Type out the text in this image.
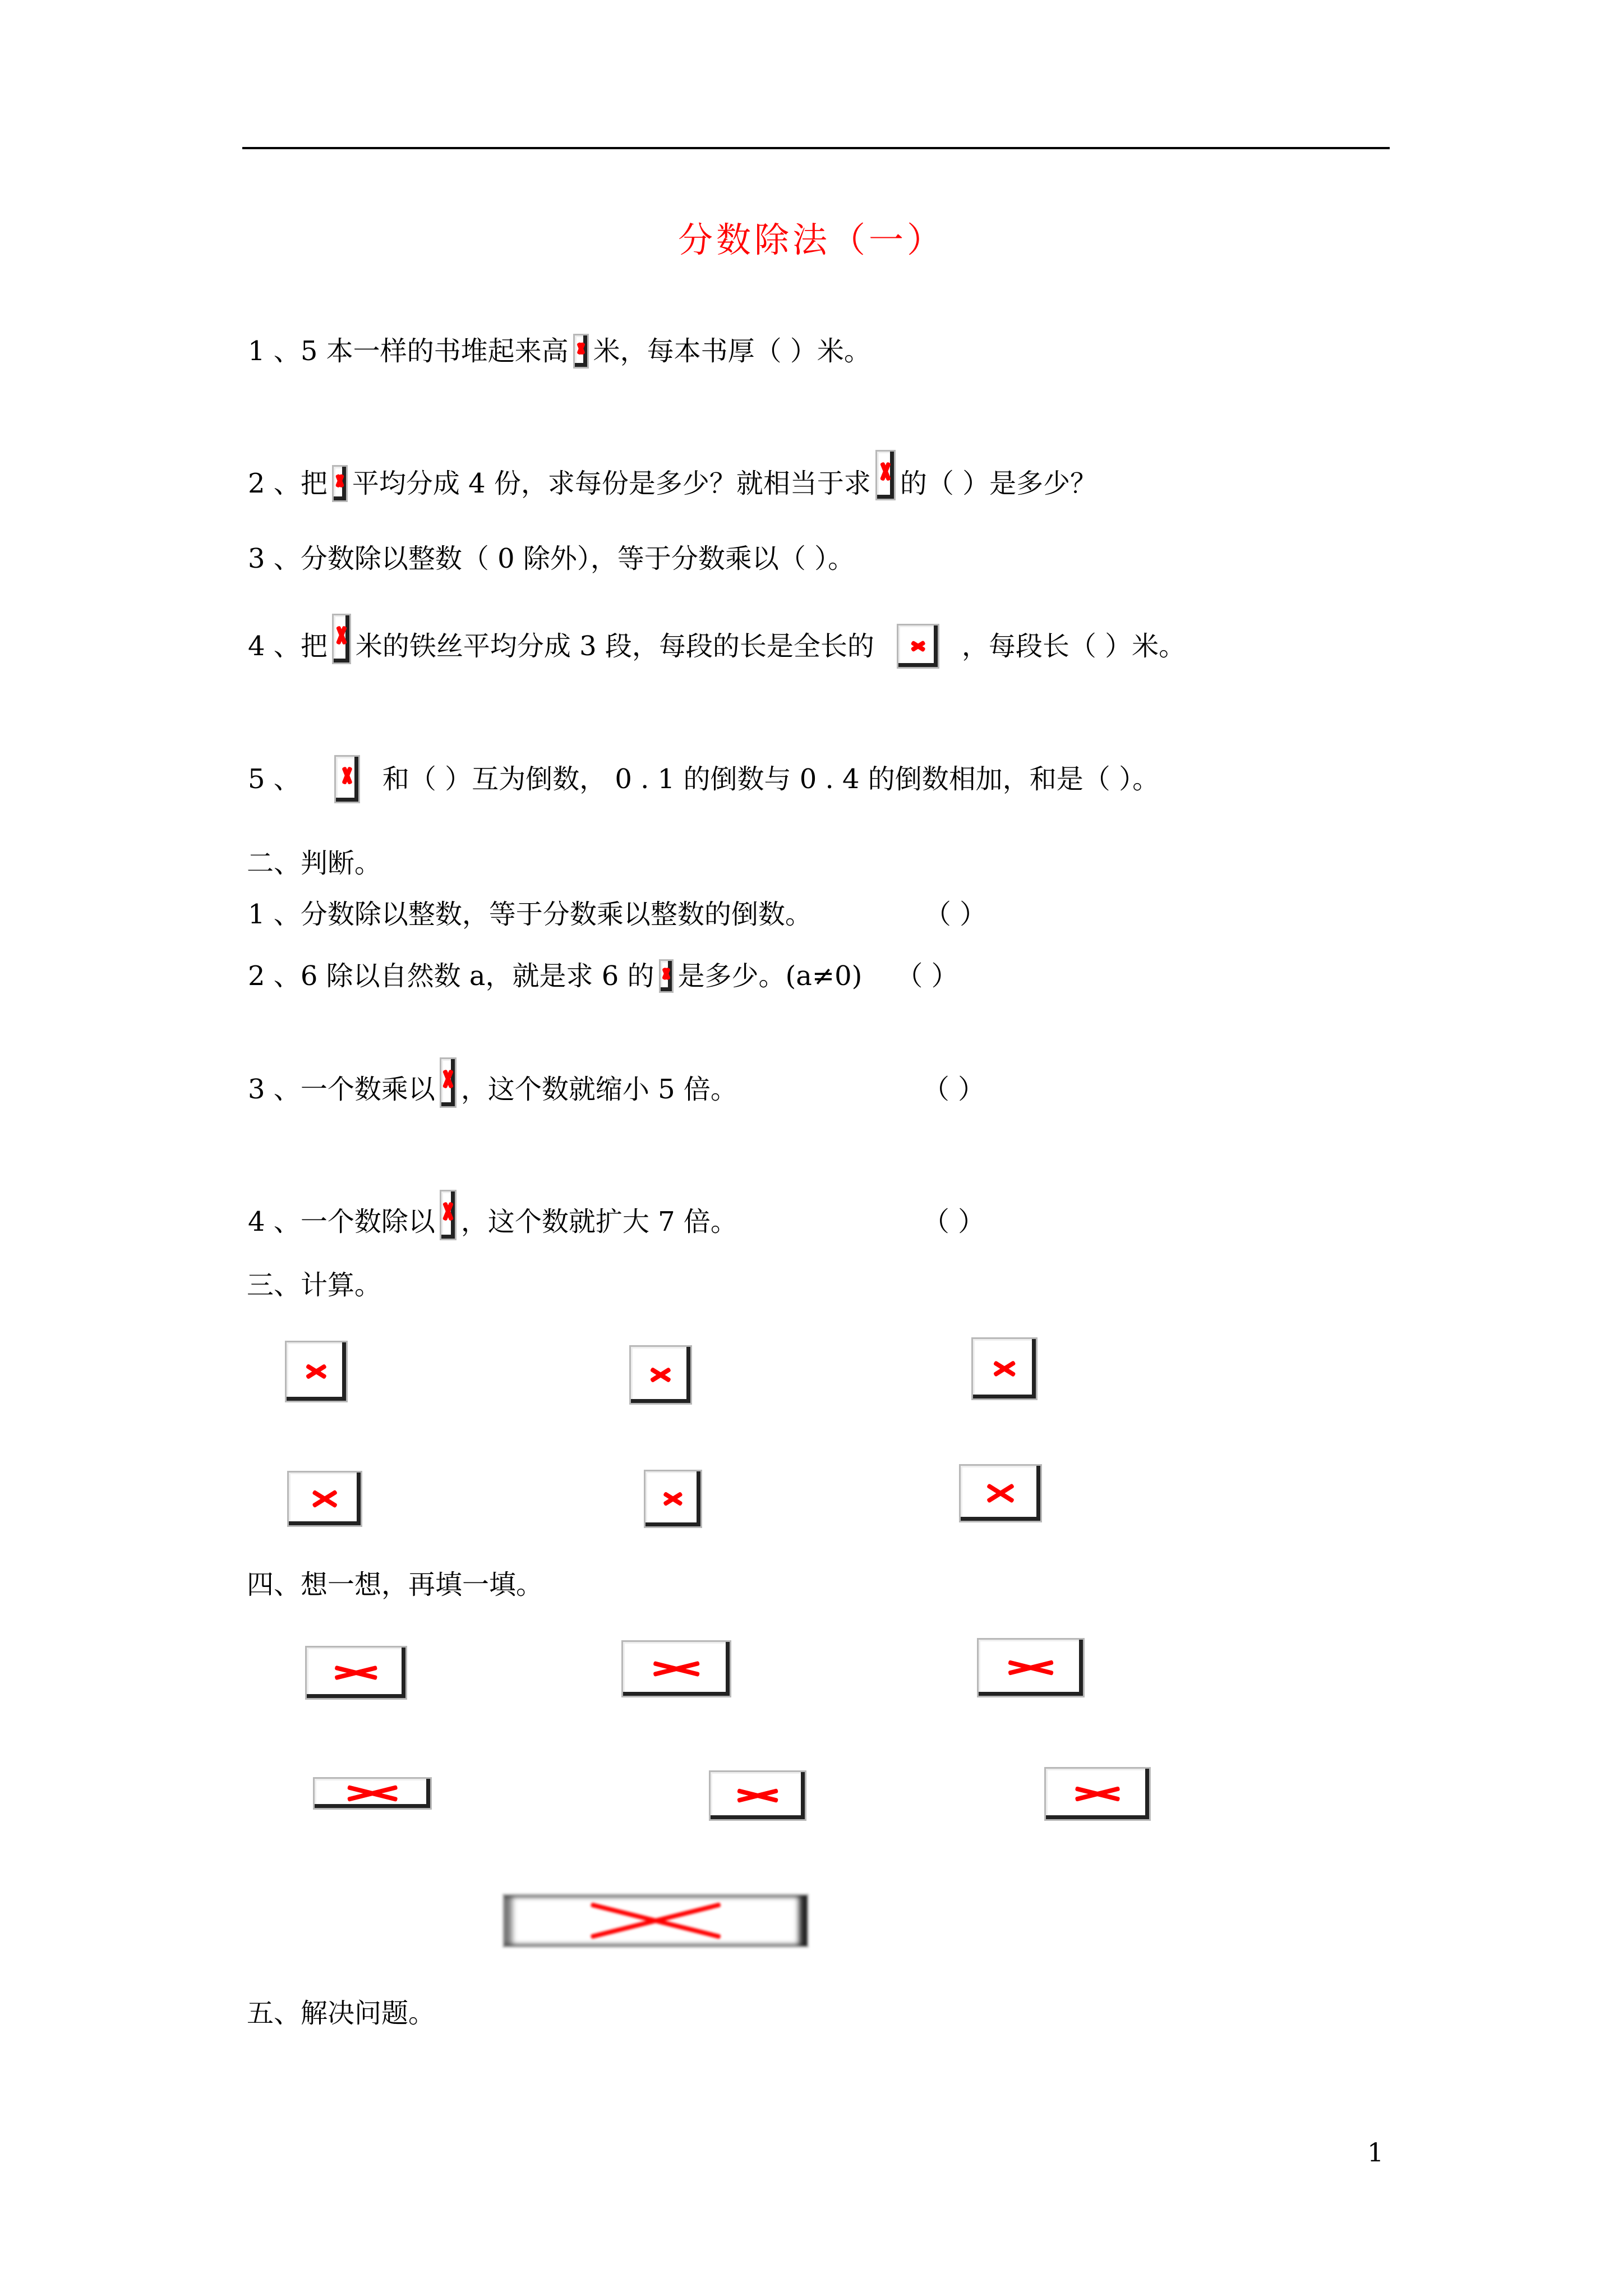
分数除法（一）
1 、 5 本一样的书堆起来高 米，每本书厚（ ）米。
2 、 把 平均分成 4 份，求每份是多少？就相当于求 的（ ）是多少？
3 、 分数除以整数（ 0 除外），等于分数乘以（ ）。
4 、 把 米的铁丝平均分成 3 段，每段的长是全长的	，每段长（ ）米。
5 、	和（ ）互为倒数， 0 . 1 的倒数与 0 . 4 的倒数相加，和是（ ）。
二、判断。
1 、 分数除以整数，等于分数乘以整数的倒数。	（ ）
2 、 6 除以自然数 a，就是求 6 的 是多少。(a≠0) （ ）
3 、 一个数乘以 ，这个数就缩小 5 倍。	（ ）
4 、 一个数除以 ，这个数就扩大 7 倍。	（ ）
三、计算。
四、想一想，再填一填。
五、解决问题。
1
